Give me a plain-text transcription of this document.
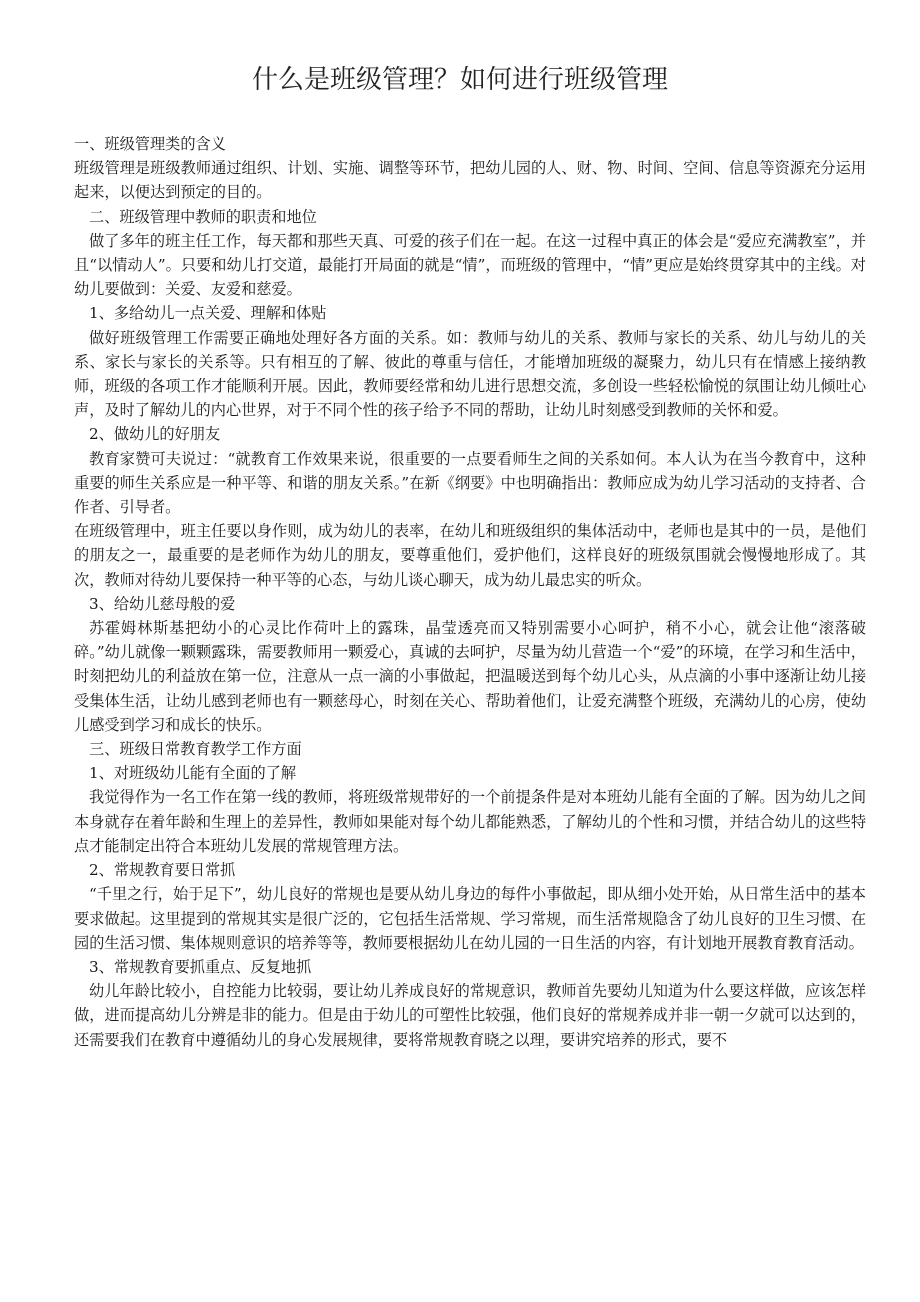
什么是班级管理？如何进行班级管理

一、班级管理类的含义

班级管理是班级教师通过组织、计划、实施、调整等环节，把幼儿园的人、财、物、时间、空间、信息等资源充分运用起来，以便达到预定的目的。

二、班级管理中教师的职责和地位

做了多年的班主任工作，每天都和那些天真、可爱的孩子们在一起。在这一过程中真正的体会是“爱应充满教室”，并且“以情动人”。只要和幼儿打交道，最能打开局面的就是“情”，而班级的管理中，“情”更应是始终贯穿其中的主线。对幼儿要做到：关爱、友爱和慈爱。

1、多给幼儿一点关爱、理解和体贴

做好班级管理工作需要正确地处理好各方面的关系。如：教师与幼儿的关系、教师与家长的关系、幼儿与幼儿的关系、家长与家长的关系等。只有相互的了解、彼此的尊重与信任，才能增加班级的凝聚力，幼儿只有在情感上接纳教师，班级的各项工作才能顺利开展。因此，教师要经常和幼儿进行思想交流，多创设一些轻松愉悦的氛围让幼儿倾吐心声，及时了解幼儿的内心世界，对于不同个性的孩子给予不同的帮助，让幼儿时刻感受到教师的关怀和爱。

2、做幼儿的好朋友

教育家赞可夫说过：“就教育工作效果来说，很重要的一点要看师生之间的关系如何。本人认为在当今教育中，这种重要的师生关系应是一种平等、和谐的朋友关系。”在新《纲要》中也明确指出：教师应成为幼儿学习活动的支持者、合作者、引导者。

在班级管理中，班主任要以身作则，成为幼儿的表率，在幼儿和班级组织的集体活动中，老师也是其中的一员，是他们的朋友之一，最重要的是老师作为幼儿的朋友，要尊重他们，爱护他们，这样良好的班级氛围就会慢慢地形成了。其次，教师对待幼儿要保持一种平等的心态，与幼儿谈心聊天，成为幼儿最忠实的听众。

3、给幼儿慈母般的爱

苏霍姆林斯基把幼小的心灵比作荷叶上的露珠，晶莹透亮而又特别需要小心呵护，稍不小心，就会让他“滚落破碎。”幼儿就像一颗颗露珠，需要教师用一颗爱心，真诚的去呵护，尽量为幼儿营造一个“爱”的环境，在学习和生活中，时刻把幼儿的利益放在第一位，注意从一点一滴的小事做起，把温暖送到每个幼儿心头，从点滴的小事中逐渐让幼儿接受集体生活，让幼儿感到老师也有一颗慈母心，时刻在关心、帮助着他们，让爱充满整个班级，充满幼儿的心房，使幼儿感受到学习和成长的快乐。

三、班级日常教育教学工作方面

1、对班级幼儿能有全面的了解

我觉得作为一名工作在第一线的教师，将班级常规带好的一个前提条件是对本班幼儿能有全面的了解。因为幼儿之间本身就存在着年龄和生理上的差异性，教师如果能对每个幼儿都能熟悉，了解幼儿的个性和习惯，并结合幼儿的这些特点才能制定出符合本班幼儿发展的常规管理方法。

2、常规教育要日常抓

“千里之行，始于足下”，幼儿良好的常规也是要从幼儿身边的每件小事做起，即从细小处开始，从日常生活中的基本要求做起。这里提到的常规其实是很广泛的，它包括生活常规、学习常规，而生活常规隐含了幼儿良好的卫生习惯、在园的生活习惯、集体规则意识的培养等等，教师要根据幼儿在幼儿园的一日生活的内容，有计划地开展教育教育活动。

3、常规教育要抓重点、反复地抓

幼儿年龄比较小，自控能力比较弱，要让幼儿养成良好的常规意识，教师首先要幼儿知道为什么要这样做，应该怎样做，进而提高幼儿分辨是非的能力。但是由于幼儿的可塑性比较强，他们良好的常规养成并非一朝一夕就可以达到的，还需要我们在教育中遵循幼儿的身心发展规律，要将常规教育晓之以理，要讲究培养的形式，要不
